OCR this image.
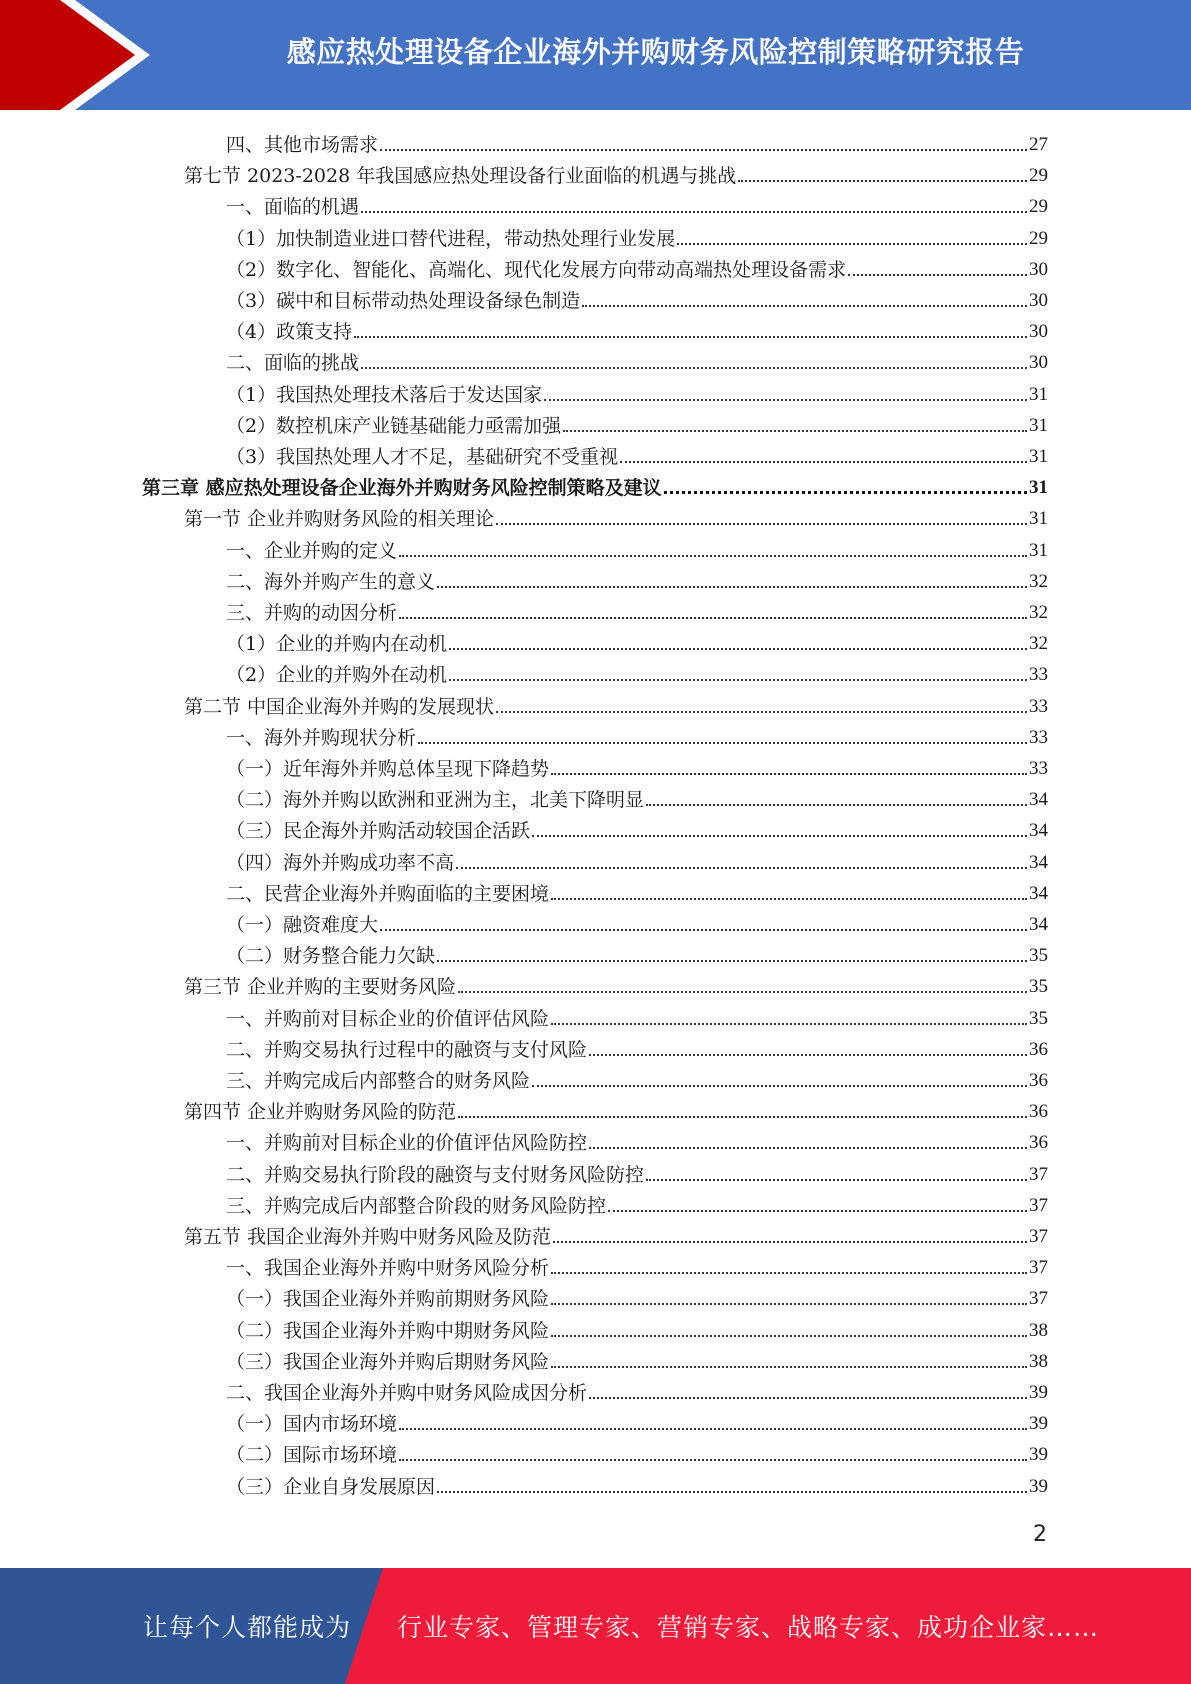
感应热处理设备企业海外并购财务风险控制策略研究报告
四、其他市场需求	27
第七节 2023-2028 年我国感应热处理设备行业面临的机遇与挑战	29
一、面临的机遇	29
（1）加快制造业进口替代进程，带动热处理行业发展	29
（2）数字化、智能化、高端化、现代化发展方向带动高端热处理设备需求	30
（3）碳中和目标带动热处理设备绿色制造	30
（4）政策支持	30
二、面临的挑战	30
（1）我国热处理技术落后于发达国家	31
（2）数控机床产业链基础能力亟需加强	31
（3）我国热处理人才不足，基础研究不受重视	31
第三章 感应热处理设备企业海外并购财务风险控制策略及建议	31
第一节 企业并购财务风险的相关理论	31
一、企业并购的定义	31
二、海外并购产生的意义	32
三、并购的动因分析	32
（1）企业的并购内在动机	32
（2）企业的并购外在动机	33
第二节 中国企业海外并购的发展现状	33
一、海外并购现状分析	33
（一）近年海外并购总体呈现下降趋势	33
（二）海外并购以欧洲和亚洲为主，北美下降明显	34
（三）民企海外并购活动较国企活跃	34
（四）海外并购成功率不高	34
二、民营企业海外并购面临的主要困境	34
（一）融资难度大	34
（二）财务整合能力欠缺	35
第三节 企业并购的主要财务风险	35
一、并购前对目标企业的价值评估风险	35
二、并购交易执行过程中的融资与支付风险	36
三、并购完成后内部整合的财务风险	36
第四节 企业并购财务风险的防范	36
一、并购前对目标企业的价值评估风险防控	36
二、并购交易执行阶段的融资与支付财务风险防控	37
三、并购完成后内部整合阶段的财务风险防控	37
第五节 我国企业海外并购中财务风险及防范	37
一、我国企业海外并购中财务风险分析	37
（一）我国企业海外并购前期财务风险	37
（二）我国企业海外并购中期财务风险	38
（三）我国企业海外并购后期财务风险	38
二、我国企业海外并购中财务风险成因分析	39
（一）国内市场环境	39
（二）国际市场环境	39
（三）企业自身发展原因	39
2
让每个人都能成为 行业专家、管理专家、营销专家、战略专家、成功企业家……
